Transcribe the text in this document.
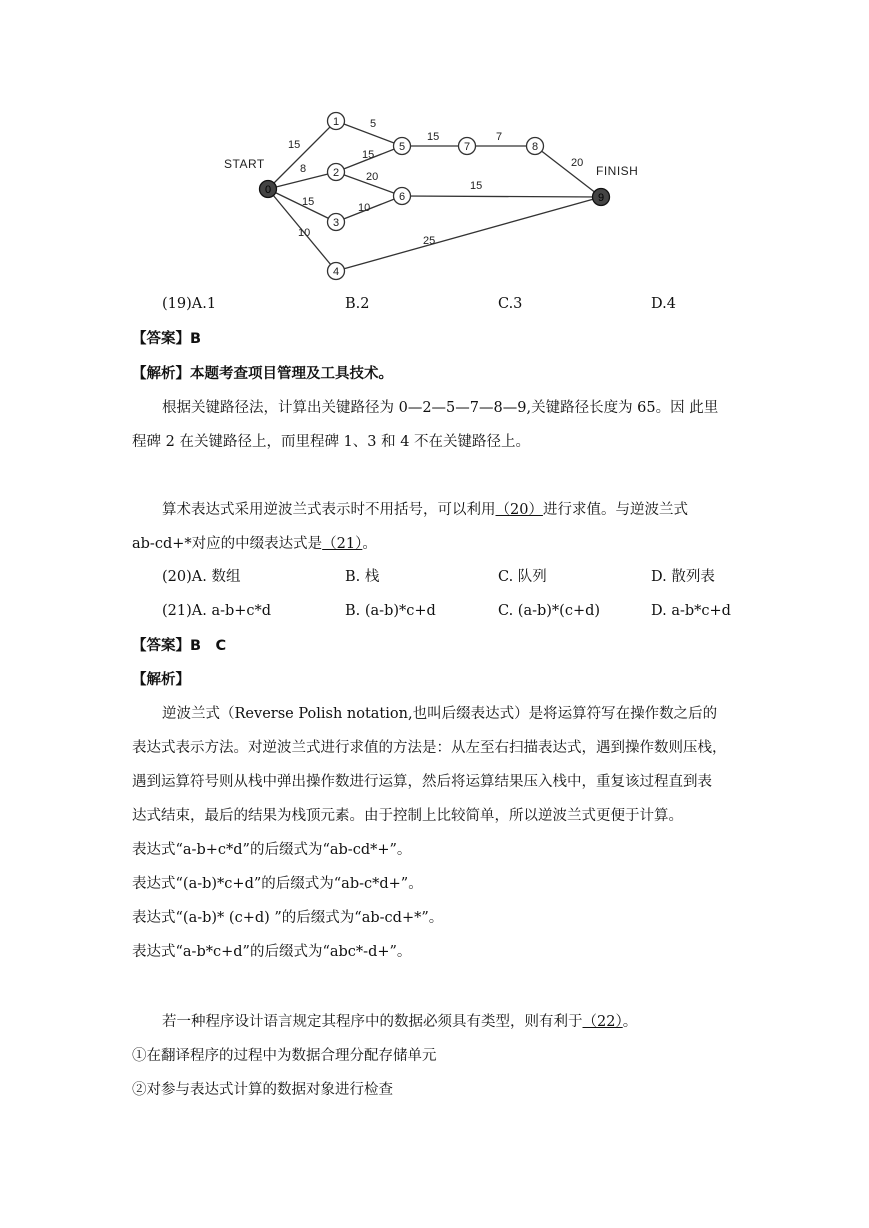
15
8
15
10
5
15
20
10
15	7
20
15
25
0
1
2
3
4
5
6
7	8
9
START	FINISH
(19)A.1	B.2	C.3	D.4
【答案】B
【解析】本题考查项目管理及工具技术。
根据关键路径法，计算出关键路径为 0—2—5—7—8—9,关键路径长度为 65。因 此里
程碑 2 在关键路径上，而里程碑 1、3 和 4 不在关键路径上。
算术表达式采用逆波兰式表示时不用括号，可以利用（20）进行求值。与逆波兰式
ab-cd+*对应的中缀表达式是（21）。
(20)A. 数组	B. 栈	C. 队列	D. 散列表
(21)A. a-b+c*d	B. (a-b)*c+d	C. (a-b)*(c+d)	D. a-b*c+d
【答案】B　C
【解析】
逆波兰式（Reverse Polish notation,也叫后缀表达式）是将运算符写在操作数之后的
表达式表示方法。对逆波兰式进行求值的方法是：从左至右扫描表达式，遇到操作数则压栈，
遇到运算符号则从栈中弹出操作数进行运算，然后将运算结果压入栈中，重复该过程直到表
达式结束，最后的结果为栈顶元素。由于控制上比较简单，所以逆波兰式更便于计算。
表达式“a-b+c*d”的后缀式为“ab-cd*+”。
表达式“(a-b)*c+d”的后缀式为“ab-c*d+”。
表达式“(a-b)* (c+d) ”的后缀式为“ab-cd+*”。
表达式“a-b*c+d”的后缀式为“abc*-d+”。
若一种程序设计语言规定其程序中的数据必须具有类型，则有利于（22）。
①在翻译程序的过程中为数据合理分配存储单元
②对参与表达式计算的数据对象进行检查
